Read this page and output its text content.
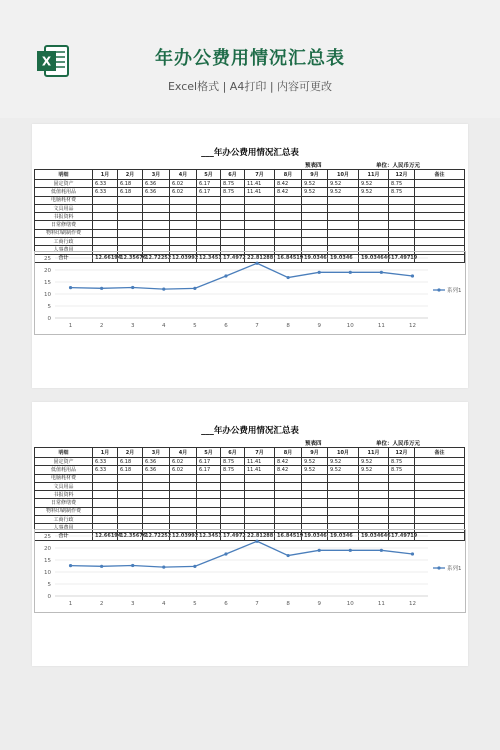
X	年办公费用情况汇总表
Excel格式 | A4打印 | 内容可更改
___年办公费用情况汇总表
预表四	单位：人民币万元
明细	1月	2月	3月	4月	5月	6月	7月	8月	9月	10月	11月	12月	备注
固定资产	6.33	6.18	6.36	6.02	6.17	8.75	11.41	8.42	9.52	9.52	9.52	8.75	
低值耗用品	6.33	6.18	6.36	6.02	6.17	8.75	11.41	8.42	9.52	9.52	9.52	8.75	
电脑耗材费													
文具用品													
书报资料													
日常修缮费													
物料印刷制作费													
工商行政													
人事费用													
合计	12.66194	12.35676	12.72252	12.03992	12.3451	17.4972	22.81288	16.84519	19.0346	19.0346	19.034646	17.49719	
0
5
10
15
20
25
1	2	3	4	5	6	7	8	9	10	11	12
系列1
___年办公费用情况汇总表
预表四	单位：人民币万元
明细	1月	2月	3月	4月	5月	6月	7月	8月	9月	10月	11月	12月	备注
固定资产	6.33	6.18	6.36	6.02	6.17	8.75	11.41	8.42	9.52	9.52	9.52	8.75	
低值耗用品	6.33	6.18	6.36	6.02	6.17	8.75	11.41	8.42	9.52	9.52	9.52	8.75	
电脑耗材费													
文具用品													
书报资料													
日常修缮费													
物料印刷制作费													
工商行政													
人事费用													
合计	12.66194	12.35676	12.72252	12.03992	12.3451	17.4972	22.81288	16.84519	19.0346	19.0346	19.034646	17.49719	
0
5
10
15
20
25
1	2	3	4	5	6	7	8	9	10	11	12
系列1
